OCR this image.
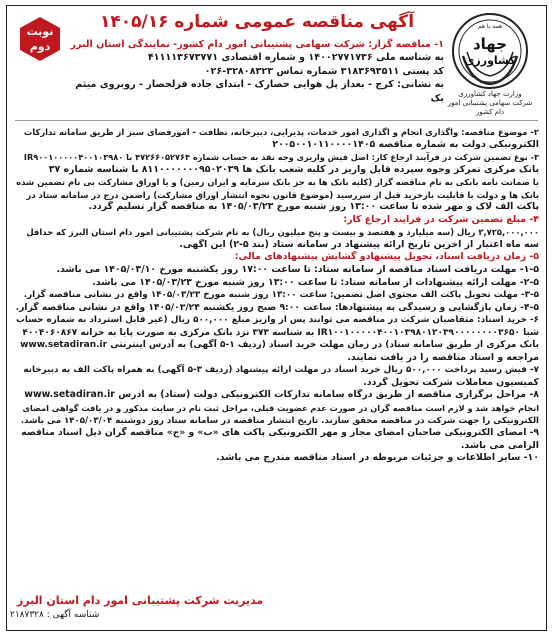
نوبت
دوم
آگهی مناقصه عمومی شماره ۱۴۰۵/۱۶
۱- مناقصه گزار: شرکت سهامی پشتیبانی امور دام کشور- نمایندگی استان البرز
به شناسه ملی ۱۴۰۰۲۷۷۱۷۳۶ و شماره اقتصادی ۴۱۱۱۱۳۶۷۳۷۷۱
کد پستی ۳۱۸۳۶۹۳۵۱۱ شماره تماس ۳۲۸۰۸۳۲۳-۰۲۶
به نشانی: کرج - بعداز پل هوایی حصارک - ابتدای جاده قزلحصار - روبروی میثم یک
همه با هم
جهاد
کشاورزی
وزارت جهاد کشاورزی
شرکت سهامی پشتیبانی امور دام کشور
۲- موضوع مناقصه: واگذاری انجام و اگذاری امور خدمات، پذیرایی، دبیرخانه، نظافت - امورفضای سبز از طریق سامانه تدارکات
الکترونیکی دولت به شماره مناقصه ۲۰۰۵۰۰۱۰۱۱۰۰۰۰۱۴۰۵
۳- نوع تضمین شرکت در فرآیند ارجاع کار: اصل فیش واریزی وجه نقد به حساب شماره ۴۷۲۶۶۰۵۲۷۶۴ با IR۹۰۰۱۰۰۰۰۰۴۰۰۱۰۳۹۸۰
بانک مرکزی تمرکز وجوه سپرده قابل واریز در کلیه شعب بانک ها ۸۱۱۰۰۰۰۰۰۰۹۵۰۲۰۳۹ با شناسه شماره ۳۷
یا ضمانت نامه بانکی به نام مناقصه گزار (کلیه بانک ها به جز بانک سرمایه و ایران زمین) و یا اوراق مشارکت بی نام تضمین شده
بانک ها و دولت با قابلیت بازخرید قبل از سررسید (موضوع قانون نحوه انتشار اوراق مشارکت) راضمن درج در سامانه ستاد در
پاکت الف لاک و مهر شده تا ساعت ۱۳:۰۰ روز شنبه مورخ ۱۴۰۵/۰۳/۲۳ به مناقصه گزار تسلیم گردد.
۴- مبلغ تضمین شرکت در فرآیند ارجاع کار:
۳,۷۲۵,۰۰۰,۰۰۰ ریال (سه میلیارد و هفتصد و بیست و پنج میلیون ریال) به نام شرکت پشتیبانی امور دام استان البرز که حداقل
سه ماه اعتبار از آخرین تاریخ ارائه پیشنهاد در سامانه ستاد (بند ۵-۲) این آگهی.
۵- زمان دریافت اسناد، تحویل پیشنهادو گشایش پیشنهادهای مالی:
۱-۵- مهلت دریافت اسناد مناقصه از سامانه ستاد: تا ساعت ۱۷:۰۰ روز یکشنبه مورخ ۱۴۰۵/۰۳/۱۰ می باشد.
۲-۵- مهلت ارائه پیشنهادات از سامانه ستاد: تا ساعت ۱۳:۰۰ روز شنبه مورخ ۱۴۰۵/۰۳/۲۳ می باشد.
۳-۵- مهلت تحویل پاکت الف محتوی اصل تضمین: ساعت ۱۳:۰۰ روز شنبه مورخ ۱۴۰۵/۰۳/۲۳ واقع در نشانی مناقصه گزار.
۴-۵- زمان بازگشایی و رسیدگی به پیشنهادها: ساعت ۹:۰۰ صبح روز یکشنبه ۱۴۰۵/۰۳/۲۴ واقع در نشانی مناقصه گزار.
۶- خرید اسناد: متقاضیان شرکت در مناقصه می توانند پس از واریز مبلغ ۵۰۰,۰۰۰ ریال (غیر قابل استرداد به شماره حساب
شبا IR۱۰۰۱۰۰۰۰۰۴۰۰۱۰۳۹۸۰۱۲۰۳۹۰۰۰۰۰۰۰۰۳۶۵۰ به شناسه ۳۷۳ نزد بانک مرکزی به صورت پایا به خزانه ۴۰۰۴۰۶۰۸۶۷
بانک مرکزی از طریق سامانه ستاد) در زمان مهلت خرید اسناد (ردیف ۱-۵ آگهی) به آدرس اینترنتی www.setadiran.ir
مراجعه و اسناد مناقصه را در یافت نمایند.
۷- فیش رسید پرداخت ۵۰۰,۰۰۰ ریال خرید اسناد در مهلت ارائه پیشنهاد (ردیف ۳-۵ آگهی) به همراه پاکت الف به دبیرخانه
کمیسیون معاملات شرکت تحویل گردد.
۸- مراحل برگزاری مناقصه از طریق درگاه سامانه تدارکات الکترونیکی دولت (ستاد) به آدرس www.setadiran.ir
انجام خواهد شد و لازم است مناقصه گران در صورت عدم عضویت قبلی، مراحل ثبت نام در سایت مذکور و در یافت گواهی امضای
الکترونیکی را جهت شرکت در مناقصه محقق سازند. تاریخ انتشار مناقصه در سامانه ستاد روز دوشنبه ۱۴۰۵/۰۳/۰۴ می باشد.
۹- امضای الکترونیکی صاحبان امضای مجاز و مهر الکترونیکی پاکت های «ب» و «ج» مناقصه گران ذیل اسناد مناقصه
الزامی می باشد.
۱۰- سایر اطلاعات و جزئیات مربوطه در اسناد مناقصه مندرج می باشد.
مدیریت شرکت پشتیبانی امور دام استان البرز
شناسه آگهی : ۲۱۸۷۳۲۸
